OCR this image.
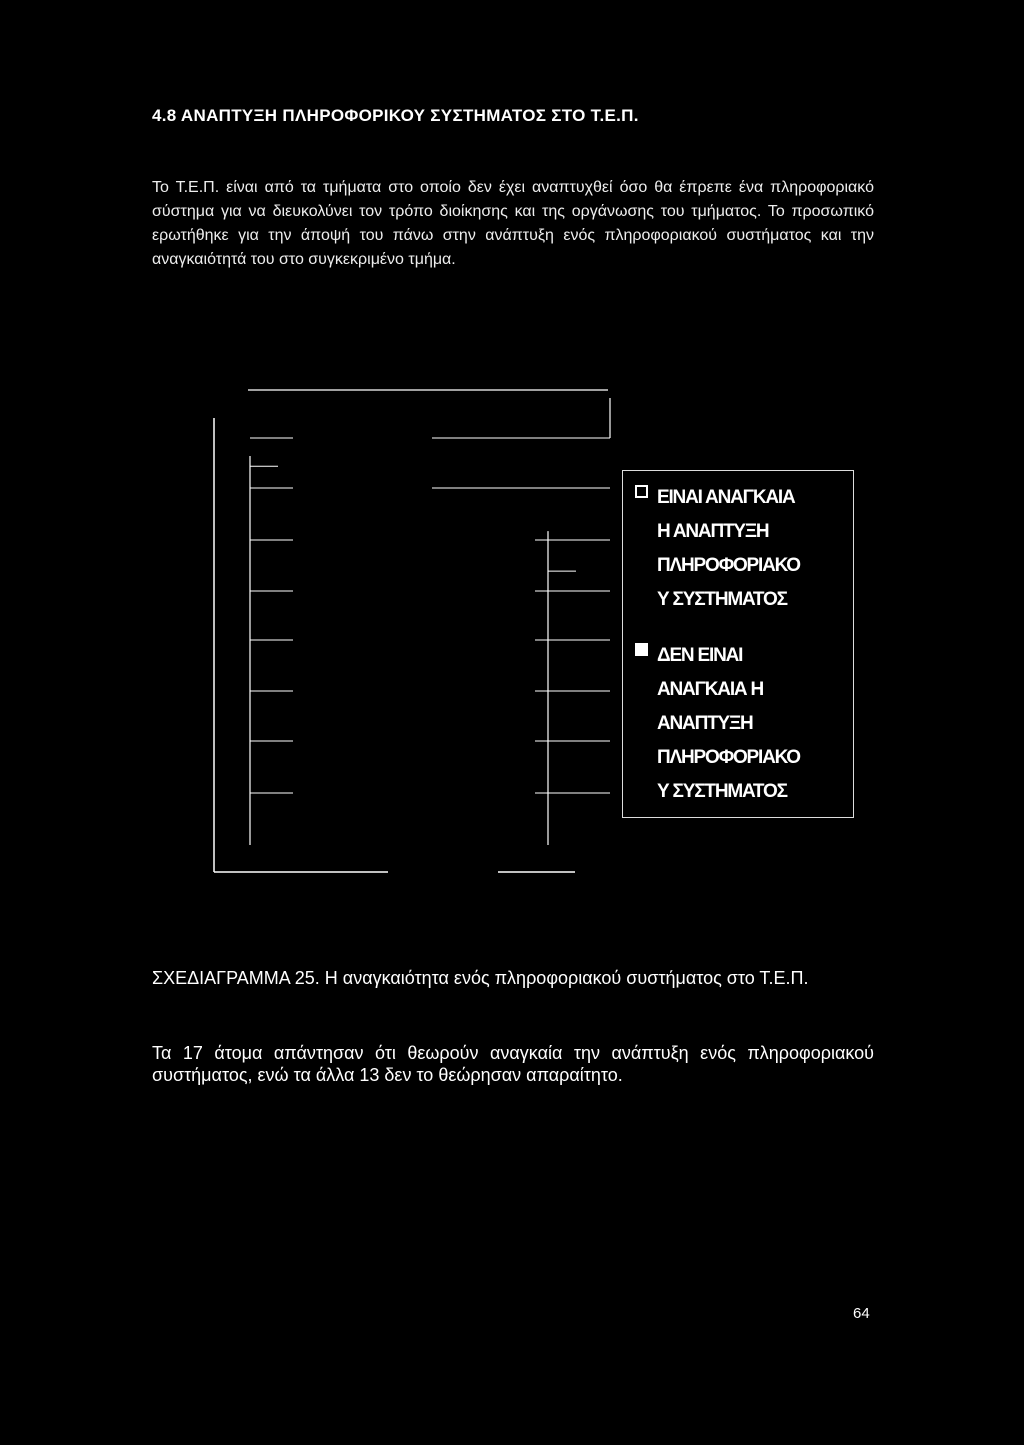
4.8 ΑΝΑΠΤΥΞΗ ΠΛΗΡΟΦΟΡΙΚΟΥ ΣΥΣΤΗΜΑΤΟΣ ΣΤΟ Τ.Ε.Π.

Το Τ.Ε.Π. είναι από τα τμήματα στο οποίο δεν έχει αναπτυχθεί όσο θα έπρεπε ένα πληροφοριακό σύστημα για να διευκολύνει τον τρόπο διοίκησης και της οργάνωσης του τμήματος. Το προσωπικό ερωτήθηκε για την άποψή του πάνω στην ανάπτυξη ενός πληροφοριακού συστήματος και την αναγκαιότητά του στο συγκεκριμένο τμήμα.

ΕΙΝΑΙ ΑΝΑΓΚΑΙΑ
Η ΑΝΑΠΤΥΞΗ
ΠΛΗΡΟΦΟΡΙΑΚΟ
Υ ΣΥΣΤΗΜΑΤΟΣ
ΔΕΝ ΕΙΝΑΙ
ΑΝΑΓΚΑΙΑ Η
ΑΝΑΠΤΥΞΗ
ΠΛΗΡΟΦΟΡΙΑΚΟ
Υ ΣΥΣΤΗΜΑΤΟΣ

ΣΧΕΔΙΑΓΡΑΜΜΑ 25. Η αναγκαιότητα ενός πληροφοριακού συστήματος στο Τ.Ε.Π.

Τα 17 άτομα απάντησαν ότι θεωρούν αναγκαία την ανάπτυξη ενός πληροφοριακού συστήματος, ενώ τα άλλα 13 δεν το θεώρησαν απαραίτητο.

64
